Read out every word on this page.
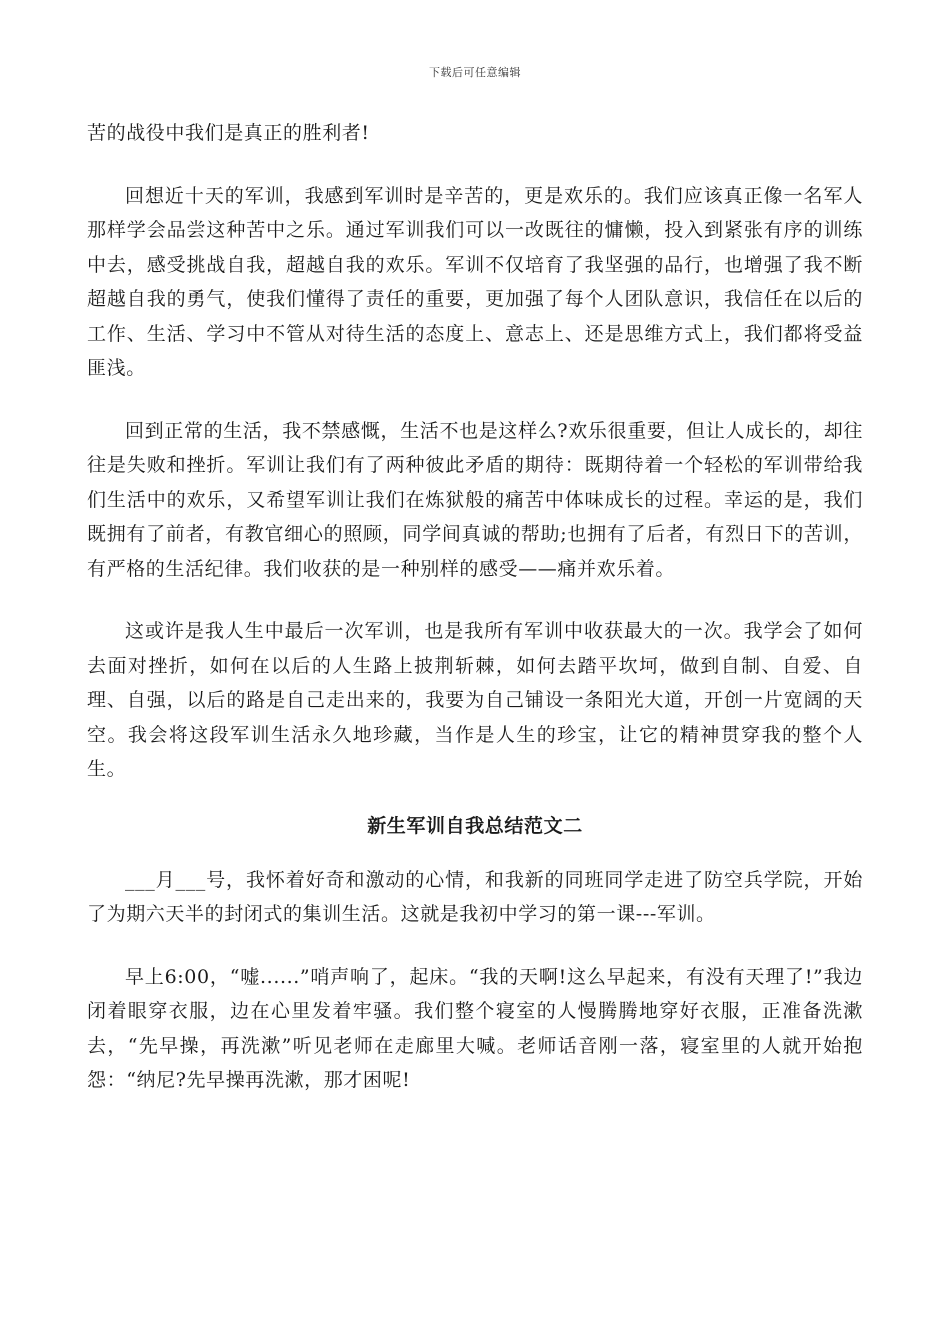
下载后可任意编辑

苦的战役中我们是真正的胜利者!

回想近十天的军训，我感到军训时是辛苦的，更是欢乐的。我们应该真正像一名军人那样学会品尝这种苦中之乐。通过军训我们可以一改既往的慵懒，投入到紧张有序的训练中去，感受挑战自我，超越自我的欢乐。军训不仅培育了我坚强的品行，也增强了我不断超越自我的勇气，使我们懂得了责任的重要，更加强了每个人团队意识，我信任在以后的工作、生活、学习中不管从对待生活的态度上、意志上、还是思维方式上，我们都将受益匪浅。

回到正常的生活，我不禁感慨，生活不也是这样么?欢乐很重要，但让人成长的，却往往是失败和挫折。军训让我们有了两种彼此矛盾的期待：既期待着一个轻松的军训带给我们生活中的欢乐，又希望军训让我们在炼狱般的痛苦中体味成长的过程。幸运的是，我们既拥有了前者，有教官细心的照顾，同学间真诚的帮助;也拥有了后者，有烈日下的苦训，有严格的生活纪律。我们收获的是一种别样的感受——痛并欢乐着。

这或许是我人生中最后一次军训，也是我所有军训中收获最大的一次。我学会了如何去面对挫折，如何在以后的人生路上披荆斩棘，如何去踏平坎坷，做到自制、自爱、自理、自强，以后的路是自己走出来的，我要为自己铺设一条阳光大道，开创一片宽阔的天空。我会将这段军训生活永久地珍藏，当作是人生的珍宝，让它的精神贯穿我的整个人生。

新生军训自我总结范文二

___月___号，我怀着好奇和激动的心情，和我新的同班同学走进了防空兵学院，开始了为期六天半的封闭式的集训生活。这就是我初中学习的第一课---军训。

早上6:00，“嘘......”哨声响了，起床。“我的天啊!这么早起来，有没有天理了!”我边闭着眼穿衣服，边在心里发着牢骚。我们整个寝室的人慢腾腾地穿好衣服，正准备洗漱去，“先早操，再洗漱”听见老师在走廊里大喊。老师话音刚一落，寝室里的人就开始抱怨：“纳尼?先早操再洗漱，那才困呢!
